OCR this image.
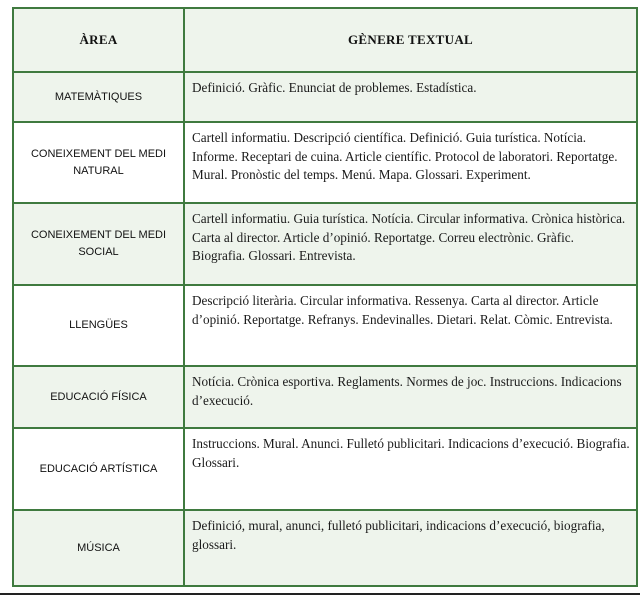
ÀREA	GÈNERE TEXTUAL
MATEMÀTIQUES	Definició. Gràfic. Enunciat de problemes. Estadística.
CONEIXEMENT DEL MEDI NATURAL	Cartell informatiu. Descripció científica. Definició. Guia turística. Notícia. Informe. Receptari de cuina. Article científic. Protocol de laboratori. Reportatge. Mural. Pronòstic del temps. Menú. Mapa. Glossari. Experiment.
CONEIXEMENT DEL MEDI SOCIAL	Cartell informatiu. Guia turística. Notícia. Circular informativa. Crònica històrica. Carta al director. Article d’opinió. Reportatge. Correu electrònic. Gràfic. Biografia. Glossari. Entrevista.
LLENGÜES	Descripció literària. Circular informativa. Ressenya. Carta al director. Article d’opinió. Reportatge. Refranys. Endevinalles. Dietari. Relat. Còmic. Entrevista.
EDUCACIÓ FÍSICA	Notícia. Crònica esportiva. Reglaments. Normes de joc. Instruccions. Indicacions d’execució.
EDUCACIÓ ARTÍSTICA	Instruccions. Mural. Anunci. Fulletó publicitari. Indicacions d’execució. Biografia. Glossari.
MÚSICA	Definició, mural, anunci, fulletó publicitari, indicacions d’execució, biografia, glossari.
